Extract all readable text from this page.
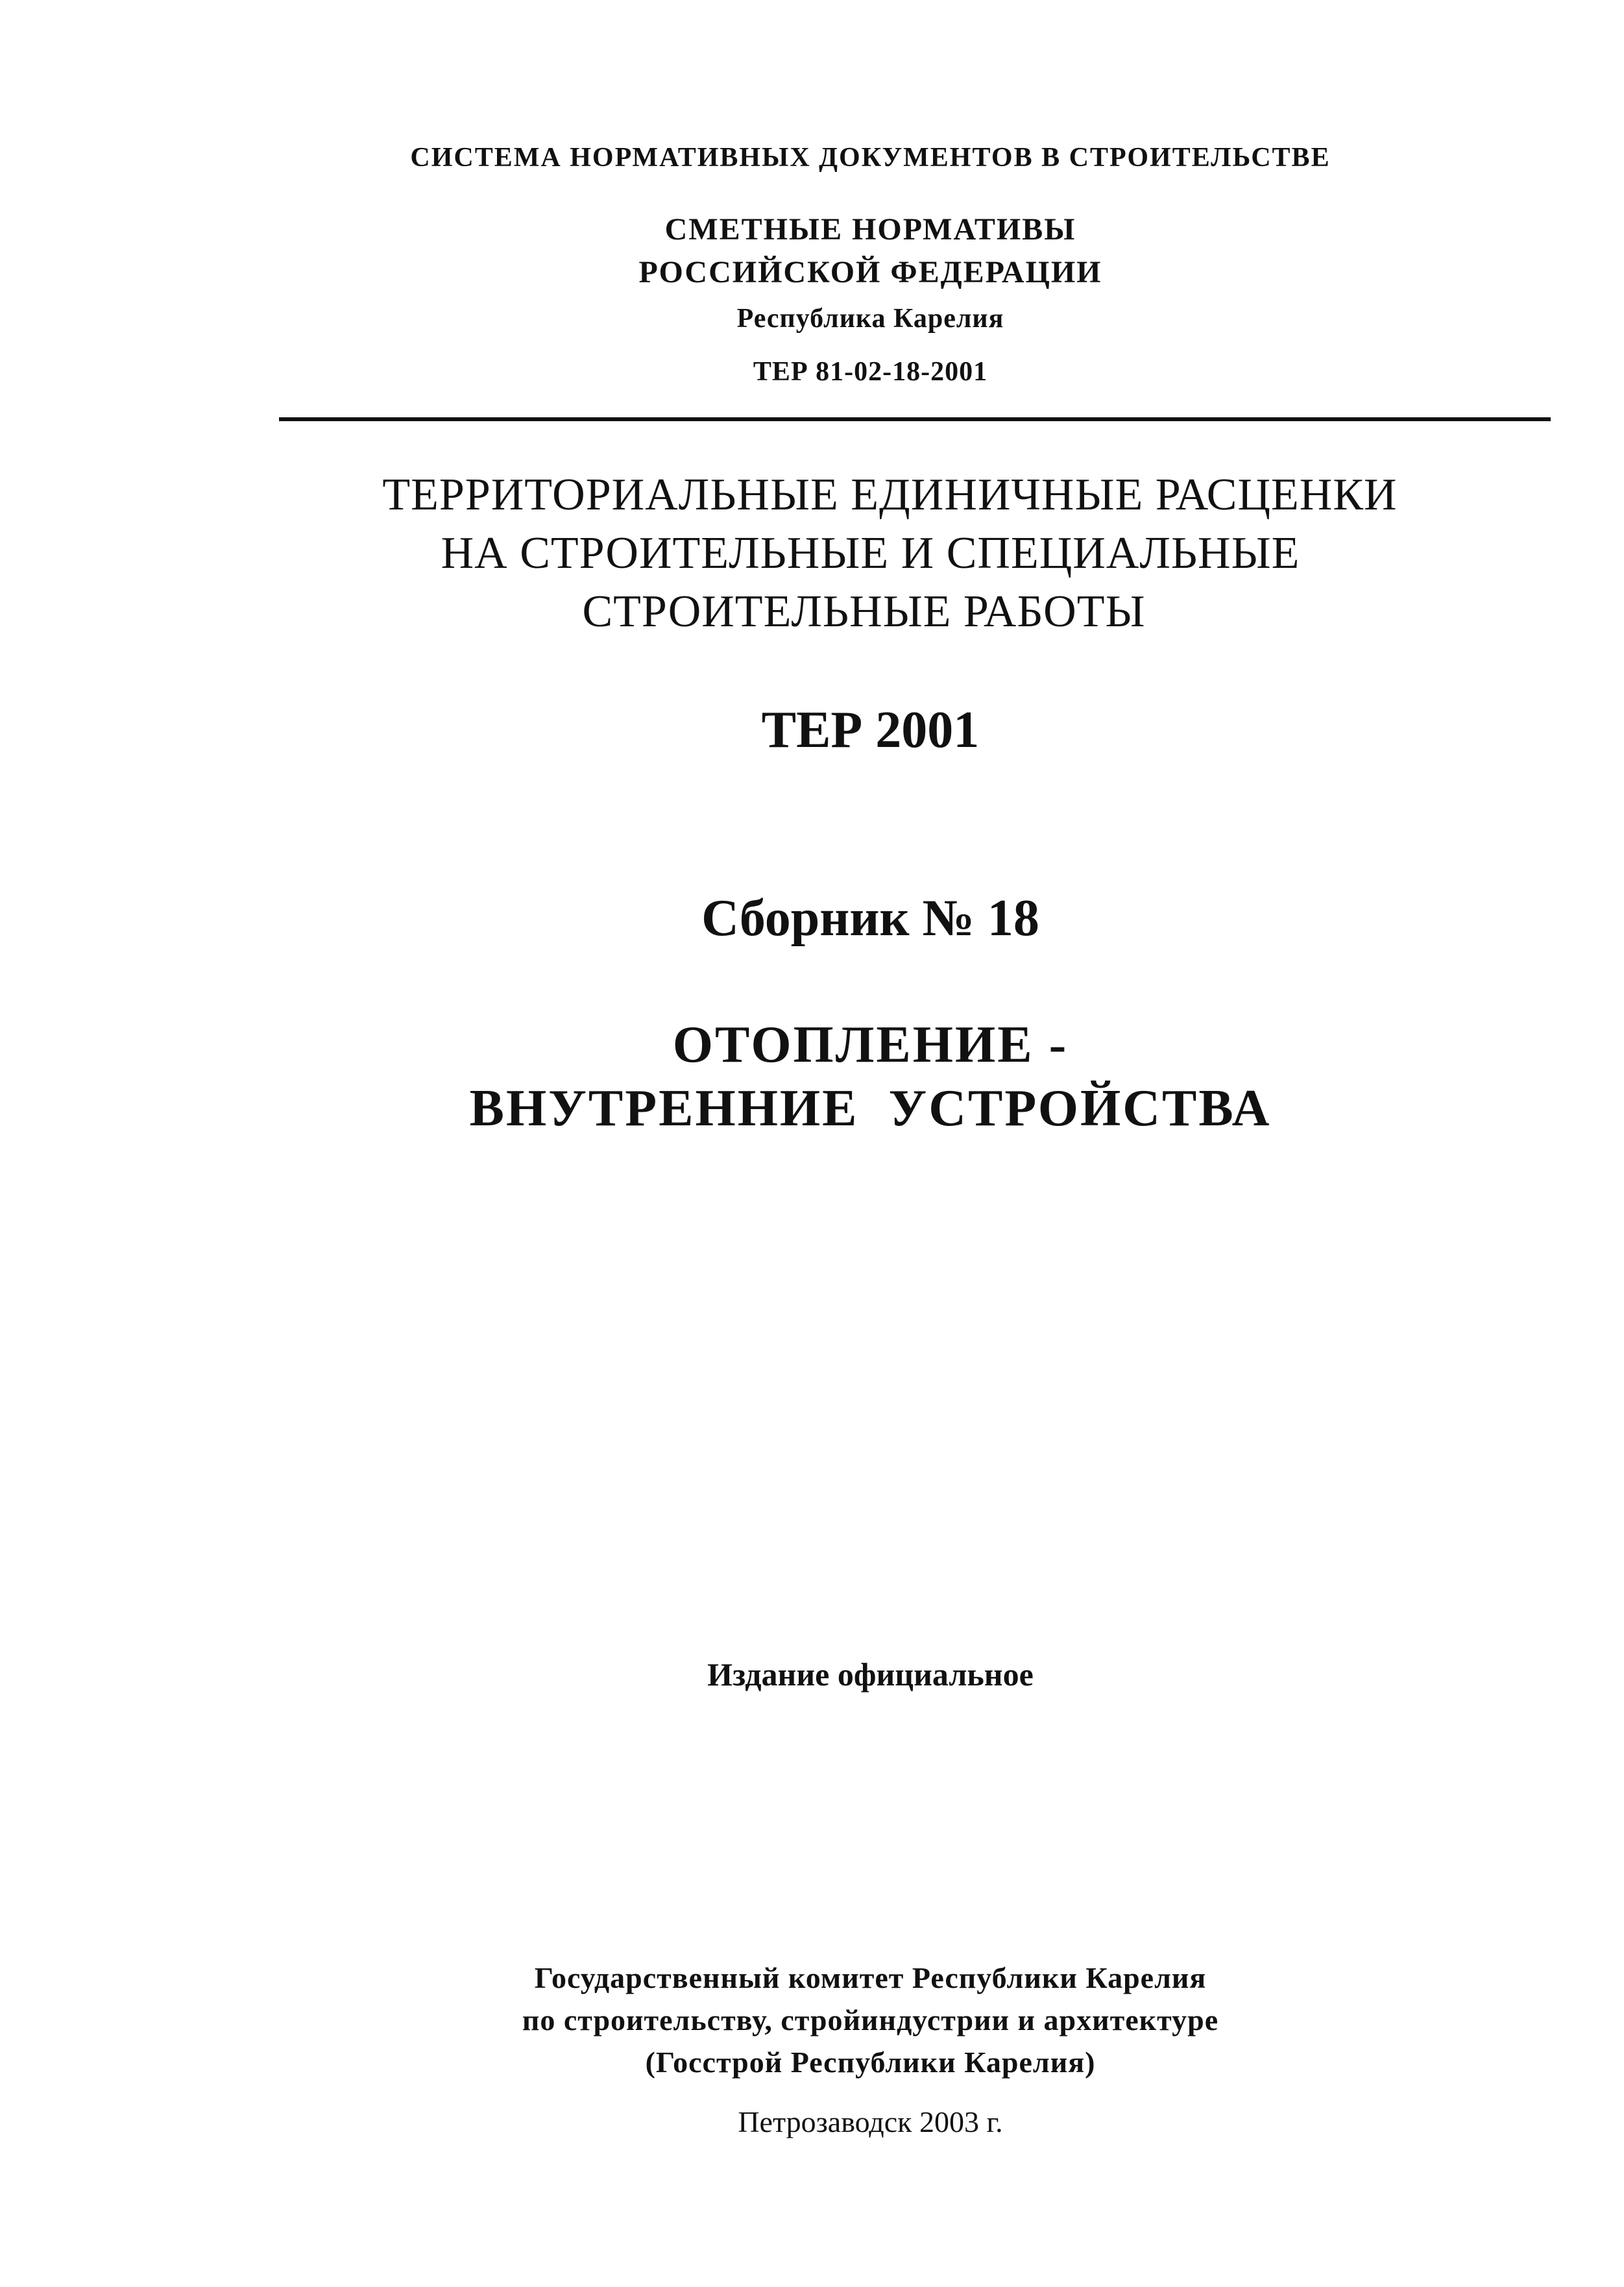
СИСТЕМА НОРМАТИВНЫХ ДОКУМЕНТОВ В СТРОИТЕЛЬСТВЕ
СМЕТНЫЕ НОРМАТИВЫ
РОССИЙСКОЙ ФЕДЕРАЦИИ
Республика Карелия
ТЕР 81-02-18-2001
ТЕРРИТОРИАЛЬНЫЕ ЕДИНИЧНЫЕ РАСЦЕНКИ
НА СТРОИТЕЛЬНЫЕ И СПЕЦИАЛЬНЫЕ
СТРОИТЕЛЬНЫЕ РАБОТЫ
ТЕР 2001
Сборник № 18
ОТОПЛЕНИЕ -
ВНУТРЕННИЕ  УСТРОЙСТВА
Издание официальное
Государственный комитет Республики Карелия
по строительству, стройиндустрии и архитектуре
(Госстрой Республики Карелия)
Петрозаводск 2003 г.
